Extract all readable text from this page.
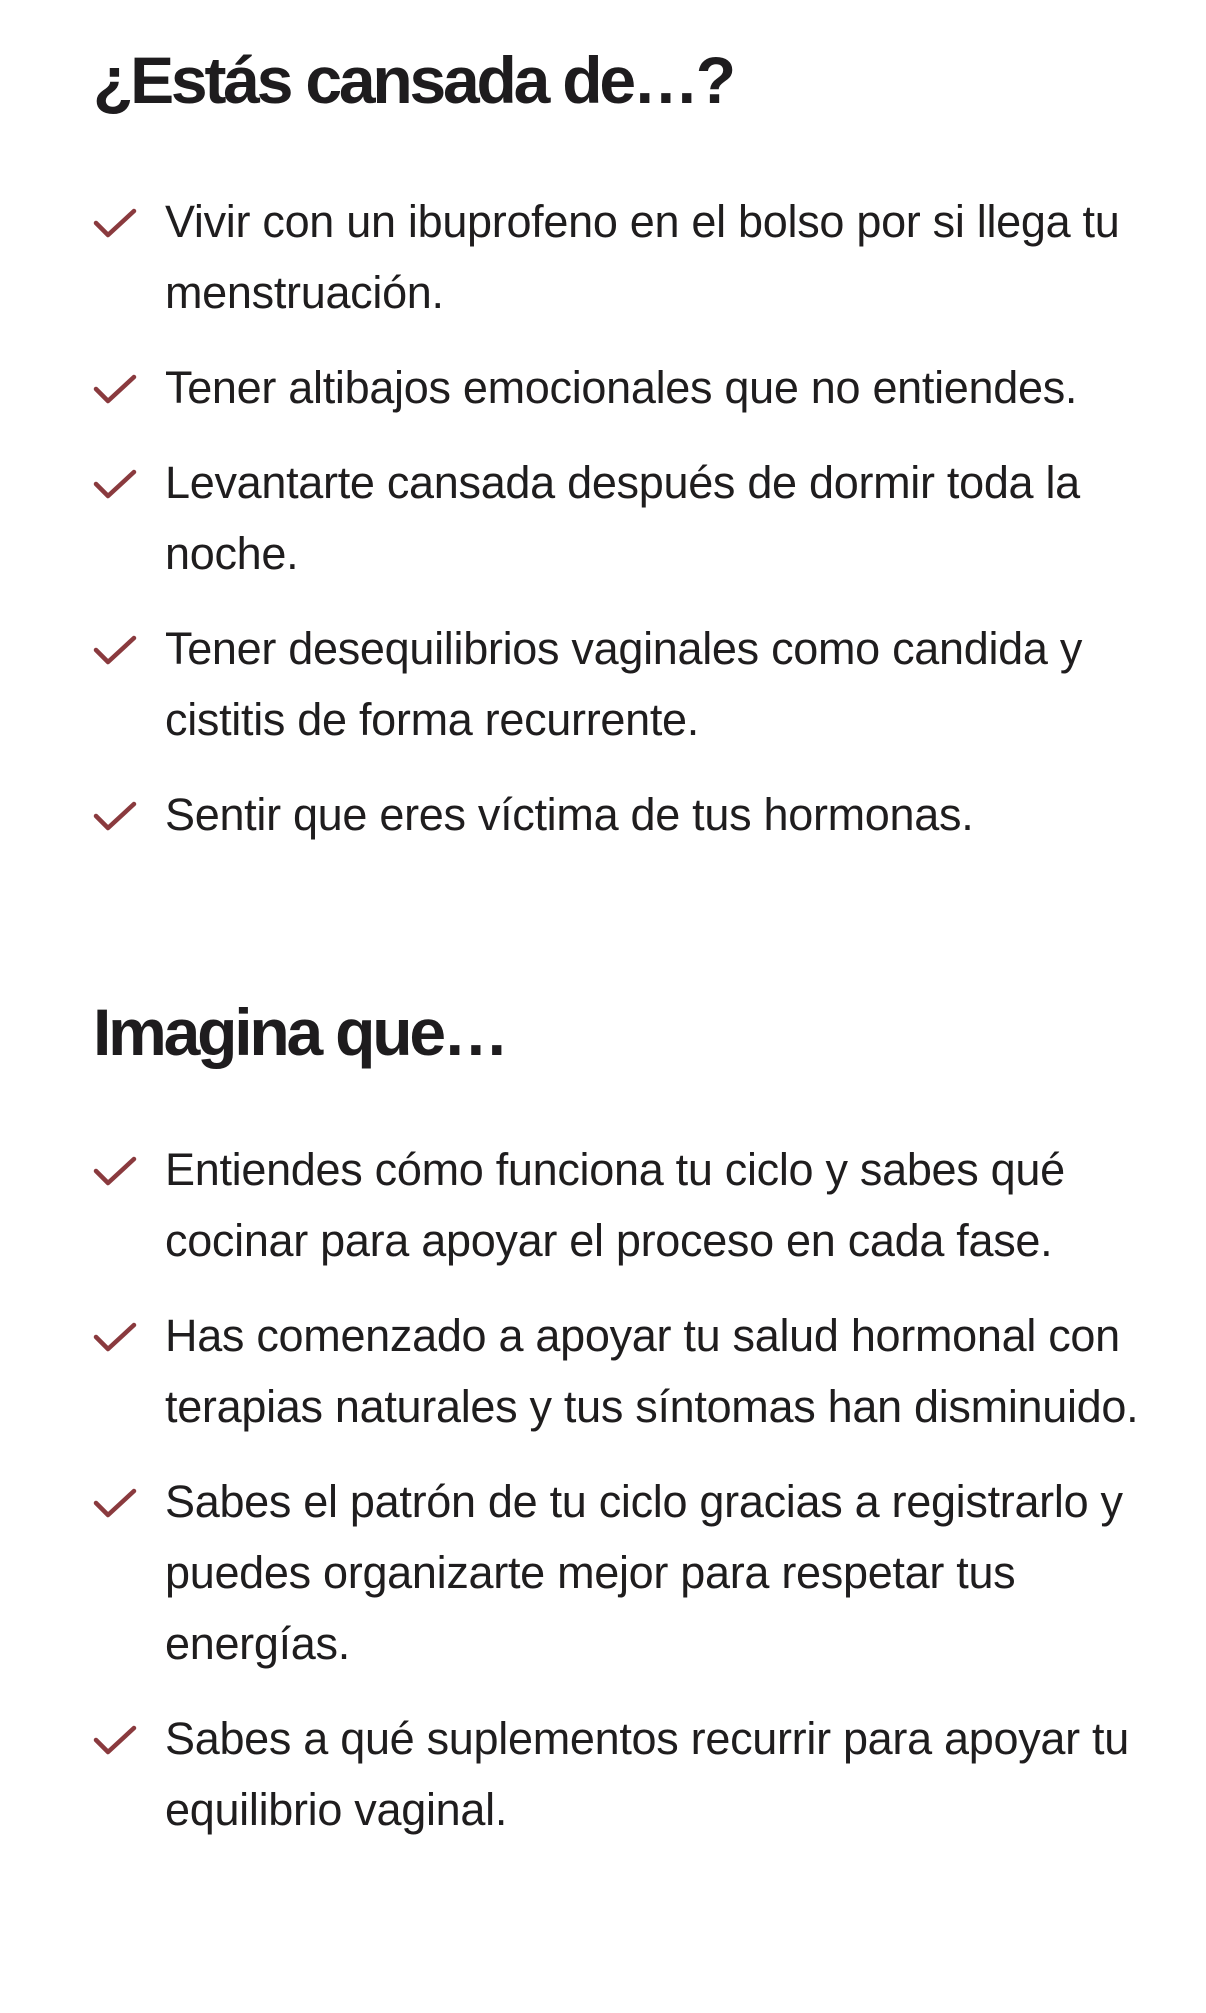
¿Estás cansada de…?
Vivir con un ibuprofeno en el bolso por si llega tu menstruación.
Tener altibajos emocionales que no entiendes.
Levantarte cansada después de dormir toda la noche.
Tener desequilibrios vaginales como candida y cistitis de forma recurrente.
Sentir que eres víctima de tus hormonas.
Imagina que…
Entiendes cómo funciona tu ciclo y sabes qué cocinar para apoyar el proceso en cada fase.
Has comenzado a apoyar tu salud hormonal con terapias naturales y tus síntomas han disminuido.
Sabes el patrón de tu ciclo gracias a registrarlo y puedes organizarte mejor para respetar tus energías.
Sabes a qué suplementos recurrir para apoyar tu equilibrio vaginal.
